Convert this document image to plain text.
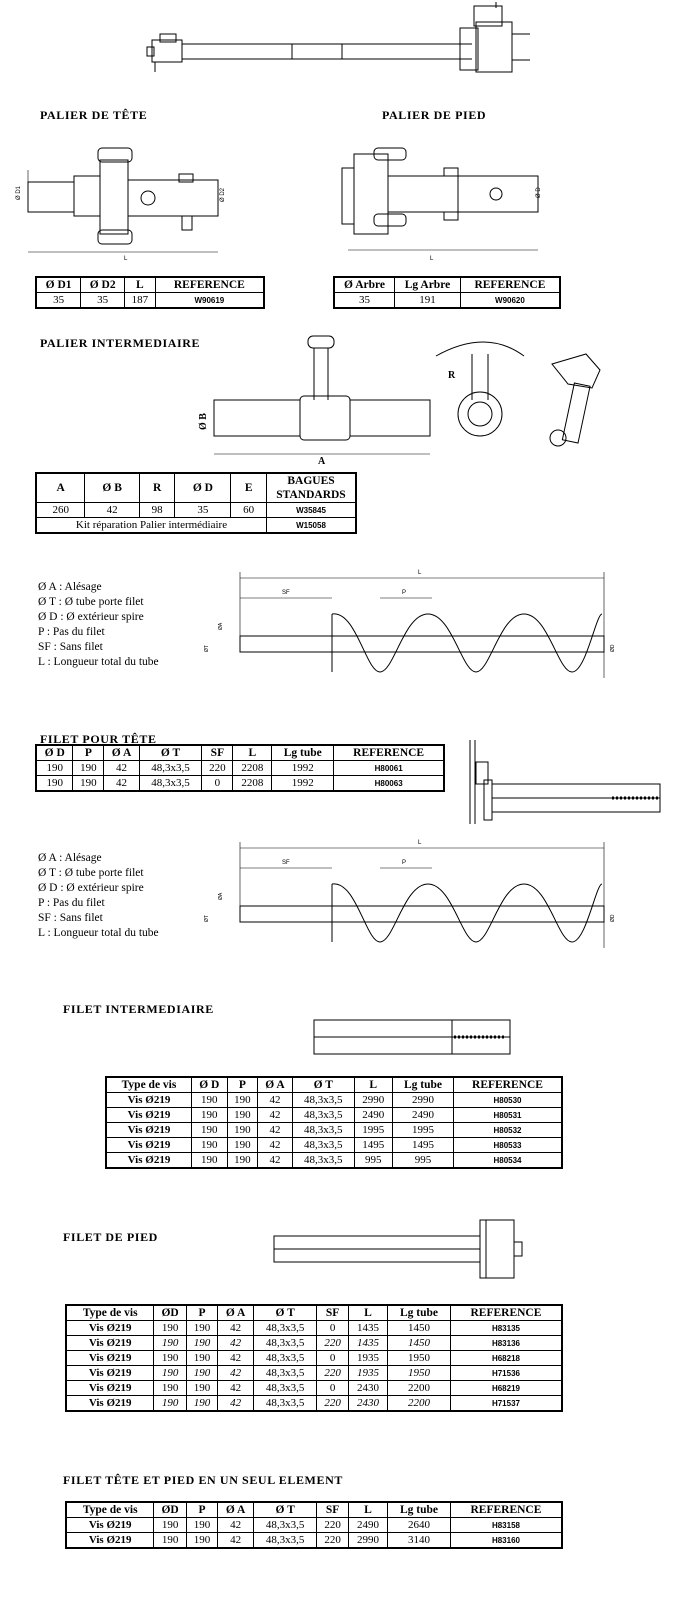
PALIER DE TÊTE
Ø D1	Ø D2
L
Ø D1	Ø D2	L	REFERENCE
35	35	187	W90619
PALIER DE PIED
Ø D
L
Ø Arbre	Lg Arbre	REFERENCE
35	191	W90620
PALIER INTERMEDIAIRE
Ø B
A
R
A	Ø B	R	Ø D	E	BAGUES STANDARDS
260	42	98	35	60	W35845
Kit réparation Palier intermédiaire					W15058
Ø A : Alésage
Ø T : Ø tube porte filet
Ø D : Ø extérieur spire
P : Pas du filet
SF : Sans filet
L : Longueur total du tube
L
SF	P
ØA
ØT	ØD
FILET POUR TÊTE
Ø D	P	Ø A	Ø T	SF	L	Lg tube	REFERENCE
190	190	42	48,3x3,5	220	2208	1992	H80061
190	190	42	48,3x3,5	0	2208	1992	H80063
Ø A : Alésage
Ø T : Ø tube porte filet
Ø D : Ø extérieur spire
P : Pas du filet
SF : Sans filet
L : Longueur total du tube
L
SF	P
ØA
ØT	ØD
FILET INTERMEDIAIRE
Type de vis	Ø D	P	Ø A	Ø T	L	Lg tube	REFERENCE
Vis Ø219	190	190	42	48,3x3,5	2990	2990	H80530
Vis Ø219	190	190	42	48,3x3,5	2490	2490	H80531
Vis Ø219	190	190	42	48,3x3,5	1995	1995	H80532
Vis Ø219	190	190	42	48,3x3,5	1495	1495	H80533
Vis Ø219	190	190	42	48,3x3,5	995	995	H80534
FILET DE PIED
Type de vis	ØD	P	Ø A	Ø T	SF	L	Lg tube	REFERENCE
Vis Ø219	190	190	42	48,3x3,5	0	1435	1450	H83135
Vis Ø219	190	190	42	48,3x3,5	220	1435	1450	H83136
Vis Ø219	190	190	42	48,3x3,5	0	1935	1950	H68218
Vis Ø219	190	190	42	48,3x3,5	220	1935	1950	H71536
Vis Ø219	190	190	42	48,3x3,5	0	2430	2200	H68219
Vis Ø219	190	190	42	48,3x3,5	220	2430	2200	H71537
FILET TÊTE ET PIED EN UN SEUL ELEMENT
Type de vis	ØD	P	Ø A	Ø T	SF	L	Lg tube	REFERENCE
Vis Ø219	190	190	42	48,3x3,5	220	2490	2640	H83158
Vis Ø219	190	190	42	48,3x3,5	220	2990	3140	H83160
